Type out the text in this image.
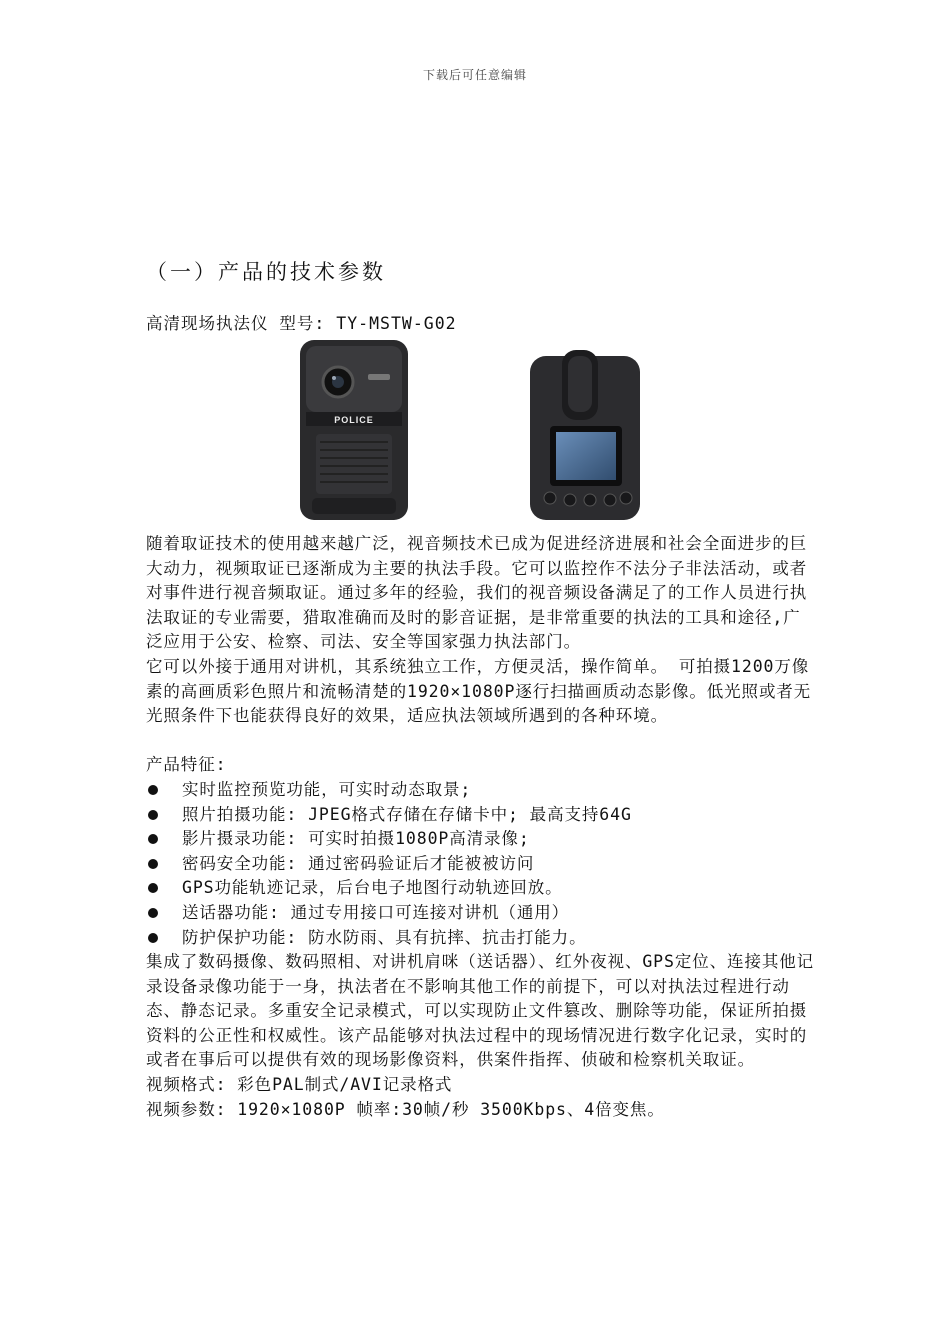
下载后可任意编辑
（一）产品的技术参数
高清现场执法仪 型号: TY-MSTW-G02
POLICE

随着取证技术的使用越来越广泛，视音频技术已成为促进经济进展和社会全面进步的巨大动力，视频取证已逐渐成为主要的执法手段。它可以监控作不法分子非法活动，或者对事件进行视音频取证。通过多年的经验，我们的视音频设备满足了的工作人员进行执法取证的专业需要，猎取准确而及时的影音证据，是非常重要的执法的工具和途径,广泛应用于公安、检察、司法、安全等国家强力执法部门。

它可以外接于通用对讲机，其系统独立工作，方便灵活，操作简单。 可拍摄1200万像素的高画质彩色照片和流畅清楚的1920×1080P逐行扫描画质动态影像。低光照或者无光照条件下也能获得良好的效果，适应执法领域所遇到的各种环境。

产品特征:

实时监控预览功能，可实时动态取景;
照片拍摄功能: JPEG格式存储在存储卡中; 最高支持64G
影片摄录功能: 可实时拍摄1080P高清录像;
密码安全功能: 通过密码验证后才能被被访问
GPS功能轨迹记录，后台电子地图行动轨迹回放。
送话器功能: 通过专用接口可连接对讲机（通用）
防护保护功能: 防水防雨、具有抗摔、抗击打能力。

集成了数码摄像、数码照相、对讲机肩咪（送话器）、红外夜视、GPS定位、连接其他记录设备录像功能于一身，执法者在不影响其他工作的前提下，可以对执法过程进行动态、静态记录。多重安全记录模式，可以实现防止文件篡改、删除等功能，保证所拍摄资料的公正性和权威性。该产品能够对执法过程中的现场情况进行数字化记录，实时的或者在事后可以提供有效的现场影像资料，供案件指挥、侦破和检察机关取证。

视频格式: 彩色PAL制式/AVI记录格式

视频参数: 1920×1080P 帧率:30帧/秒 3500Kbps、4倍变焦。
